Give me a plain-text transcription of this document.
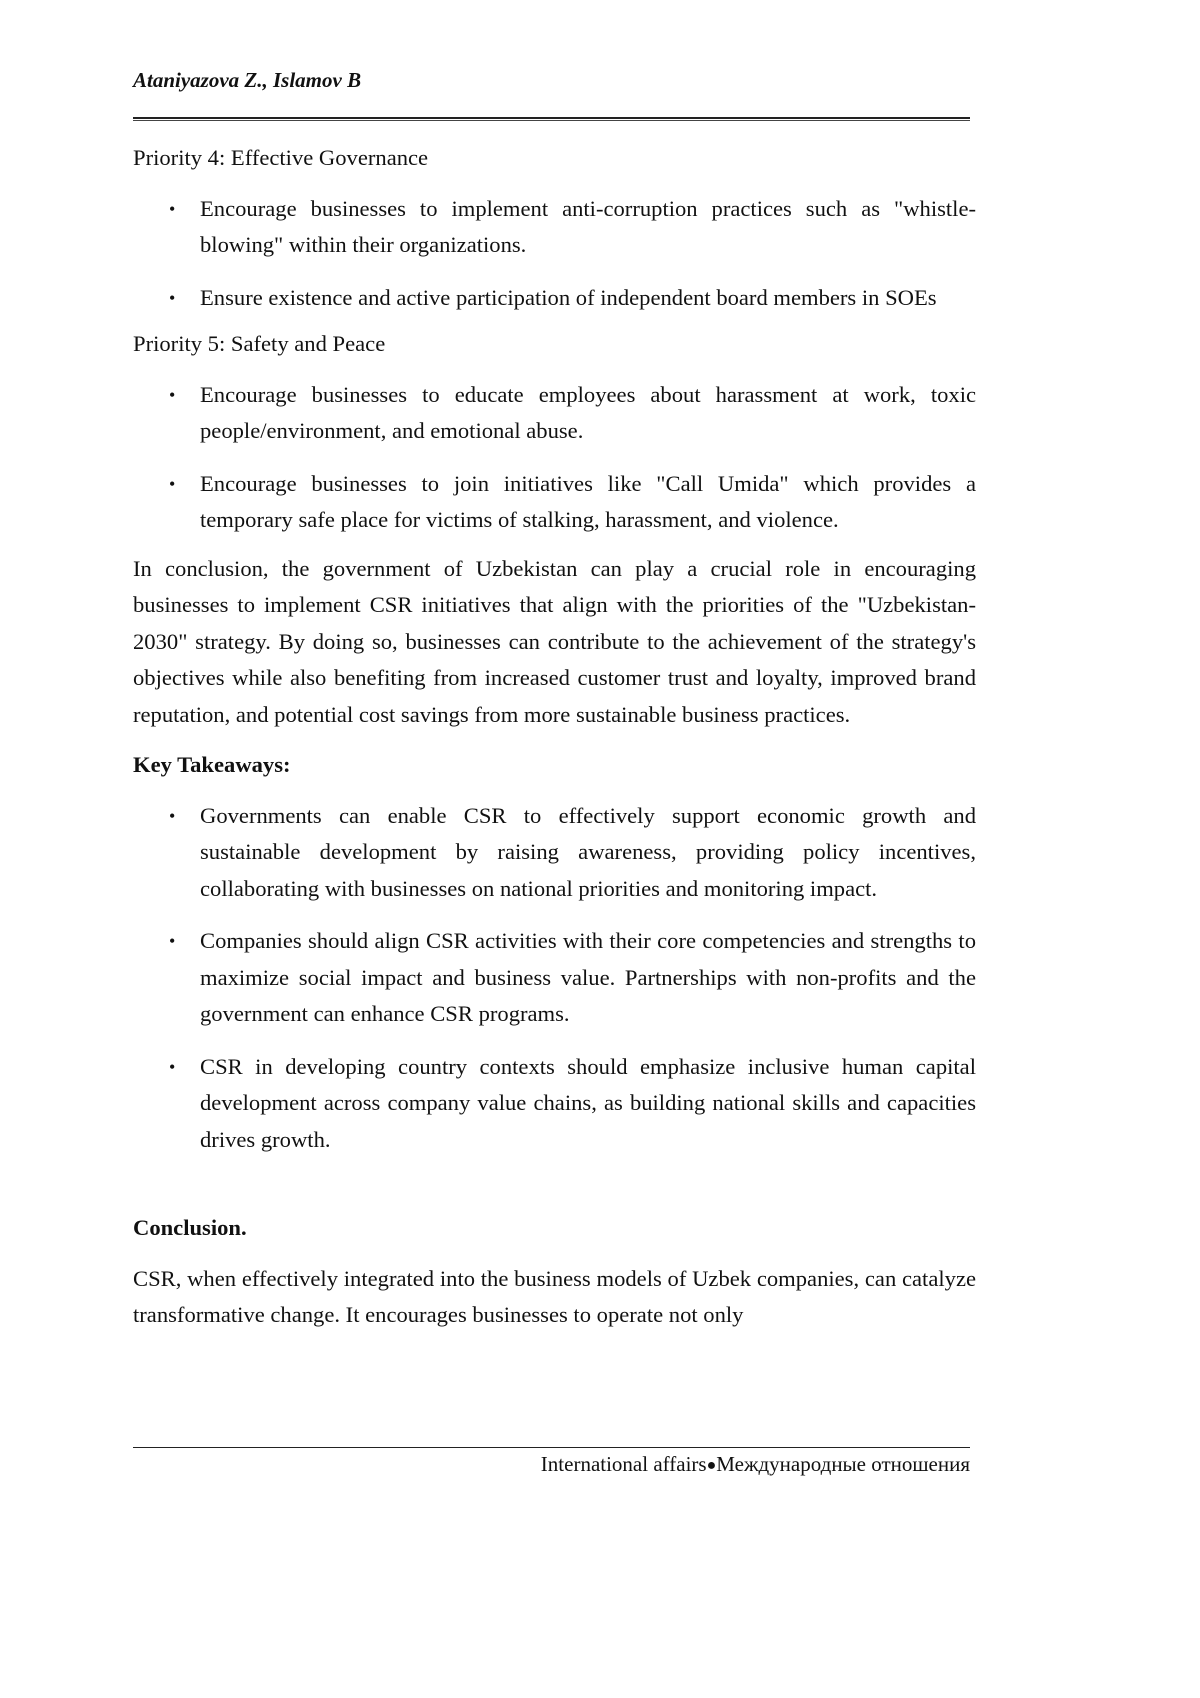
Ataniyazova Z., Islamov B

Priority 4: Effective Governance

• Encourage businesses to implement anti-corruption practices such as "whistle-blowing" within their organizations.
• Ensure existence and active participation of independent board members in SOEs

Priority 5: Safety and Peace

• Encourage businesses to educate employees about harassment at work, toxic people/environment, and emotional abuse.
• Encourage businesses to join initiatives like "Call Umida" which provides a temporary safe place for victims of stalking, harassment, and violence.

In conclusion, the government of Uzbekistan can play a crucial role in encouraging businesses to implement CSR initiatives that align with the priorities of the "Uzbekistan-2030" strategy. By doing so, businesses can contribute to the achievement of the strategy's objectives while also benefiting from increased customer trust and loyalty, improved brand reputation, and potential cost savings from more sustainable business practices.

Key Takeaways:

• Governments can enable CSR to effectively support economic growth and sustainable development by raising awareness, providing policy incentives, collaborating with businesses on national priorities and monitoring impact.
• Companies should align CSR activities with their core competencies and strengths to maximize social impact and business value. Partnerships with non-profits and the government can enhance CSR programs.
• CSR in developing country contexts should emphasize inclusive human capital development across company value chains, as building national skills and capacities drives growth.

Conclusion.

CSR, when effectively integrated into the business models of Uzbek companies, can catalyze transformative change. It encourages businesses to operate not only

International affairs●Международные отношения
